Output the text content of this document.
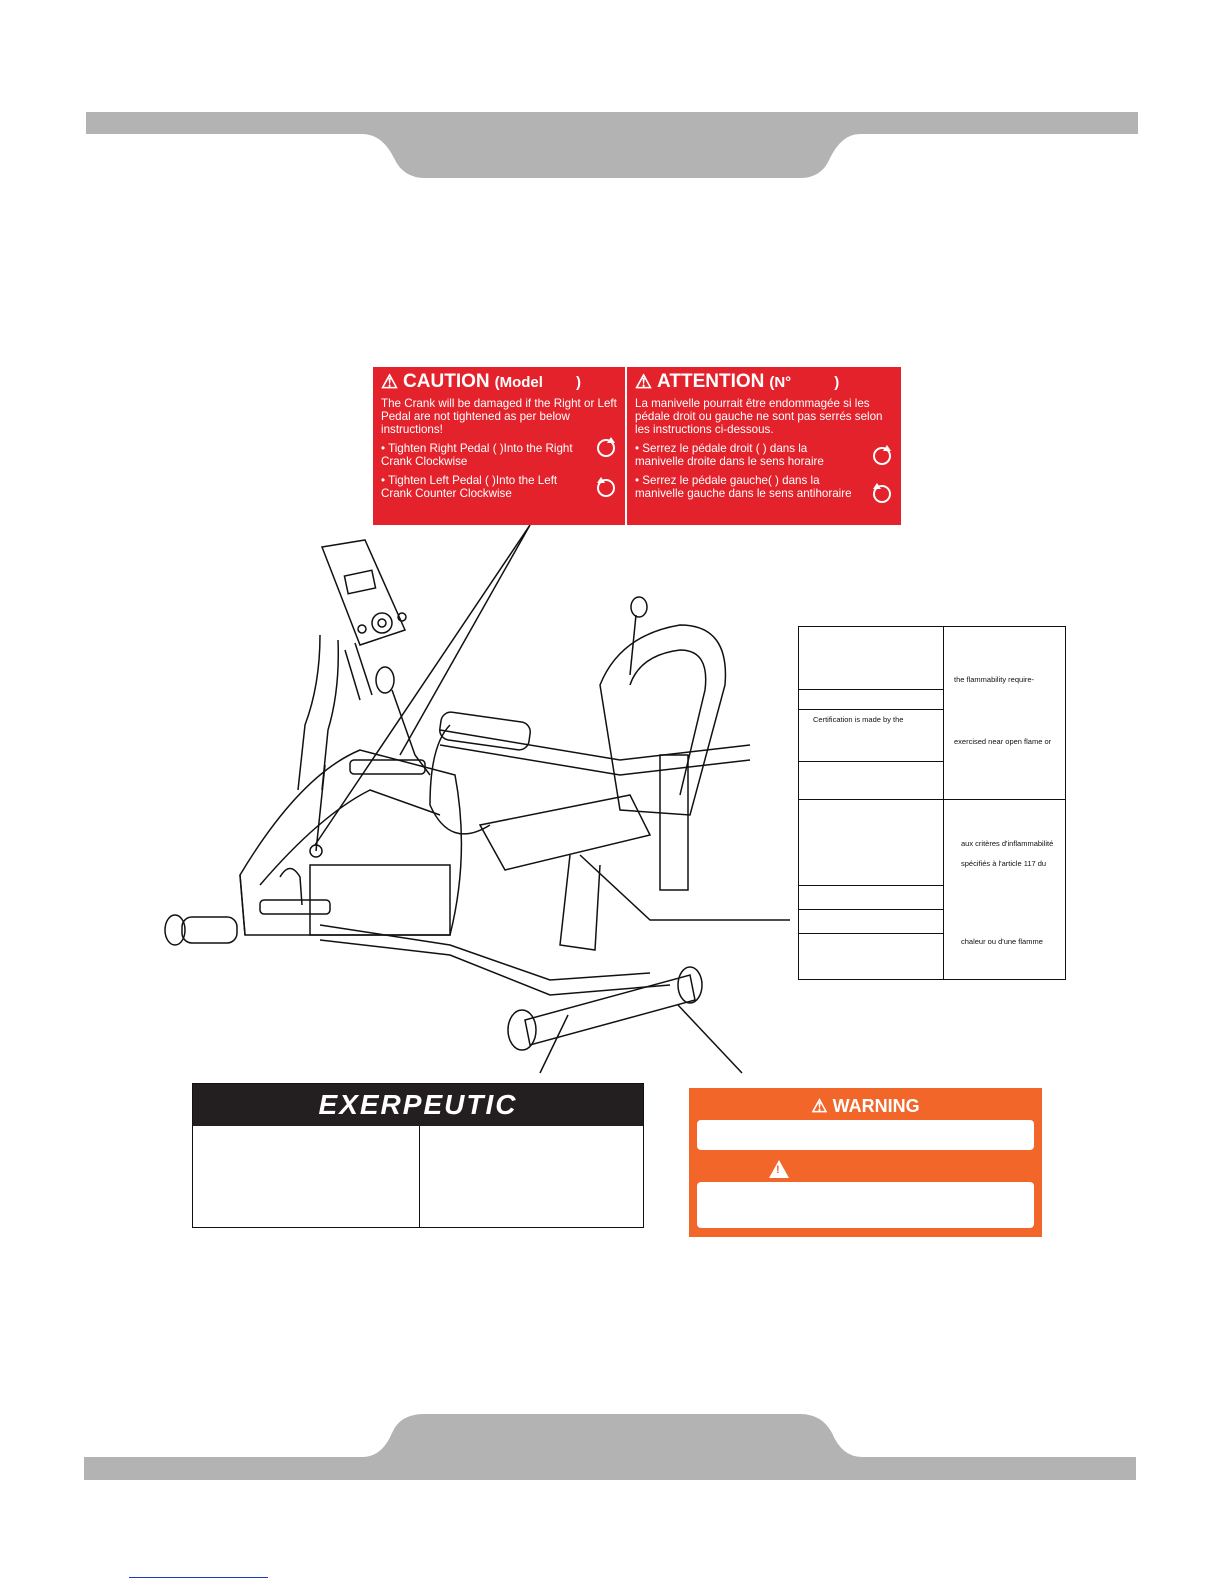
⚠ CAUTION (Model )
The Crank will be damaged if the Right or Left Pedal are not tightened as per below instructions!
• Tighten Right Pedal ( )Into the Right Crank Clockwise
• Tighten Left Pedal ( )Into the Left Crank Counter Clockwise
⚠ ATTENTION (N°	)
La manivelle pourrait être endommagée si les pédale droit ou gauche ne sont pas serrés selon les instructions ci-dessous.
• Serrez le pédale droit ( ) dans la manivelle droite dans le sens horaire
• Serrez le pédale gauche( ) dans la manivelle gauche dans le sens antihoraire
Certification is made by the
the flammability require-
exercised near open flame or
aux critères d'inflammabilité
spécifiés à l'article 117 du
chaleur ou d'une flamme
EXERPEUTIC	⚠ WARNING
!
